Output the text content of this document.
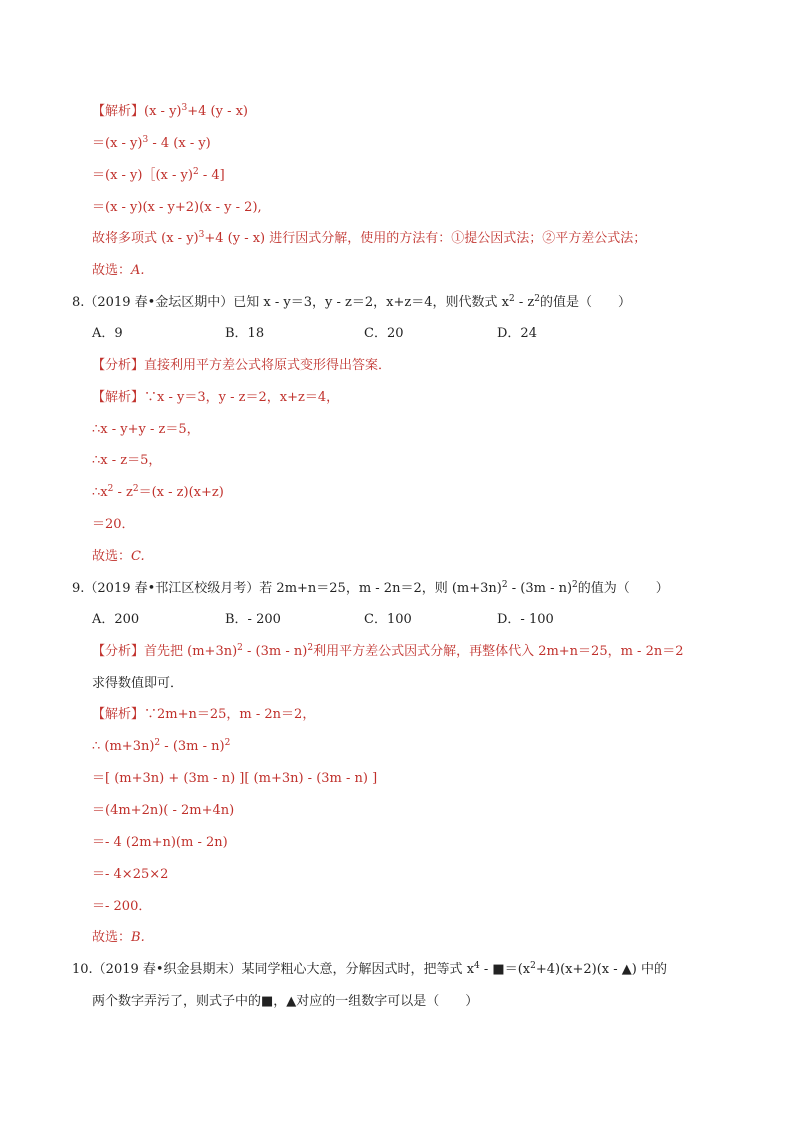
【解析】(x - y)$^3$+4 (y - x)
＝(x - y)$^3$ - 4 (x - y)
＝(x - y)［(x - y)$^2$ - 4]
＝(x - y)(x - y+2)(x - y - 2),
故将多项式 (x - y)$^3$+4 (y - x) 进行因式分解，使用的方法有：①提公因式法；②平方差公式法；
故选：A.
8.（2019 春•金坛区期中）已知 x - y＝3，y - z＝2，x+z＝4，则代数式 $x^2 - z^2$的值是（　　）
A．9	B．18	C．20	D．24
【分析】直接利用平方差公式将原式变形得出答案．
【解析】∵x - y＝3，y - z＝2，x+z＝4，
∴x - y+y - z＝5，
∴x - z＝5，
$\therefore x^2 - z^2=(x - z)(x+z)$
＝20．
故选：C.
9.（2019 春•邗江区校级月考）若 2m+n＝25，m - 2n＝2，则 $(m+3n)^2 - (3m - n)^2$的值为（　　）
A．200	B．- 200	C．100	D．- 100
【分析】首先把 $(m+3n)^2 - (3m - n)^2$利用平方差公式因式分解，再整体代入 2m+n＝25，m - 2n＝2
求得数值即可．
【解析】∵2m+n＝25，m - 2n＝2，
∴ $(m+3n)^2 - (3m - n)^2$
＝[ (m+3n) + (3m - n) ][ (m+3n) - (3m - n) ]
＝(4m+2n)( - 2m+4n)
＝- 4 (2m+n)(m - 2n)
＝- 4×25×2
＝- 200．
故选：B.
10.（2019 春•织金县期末）某同学粗心大意，分解因式时，把等式 $x^4$ - $■=(x^2+4)(x+2)(x$ - ▲) 中的
两个数字弄污了，则式子中的■，▲对应的一组数字可以是（　　）
